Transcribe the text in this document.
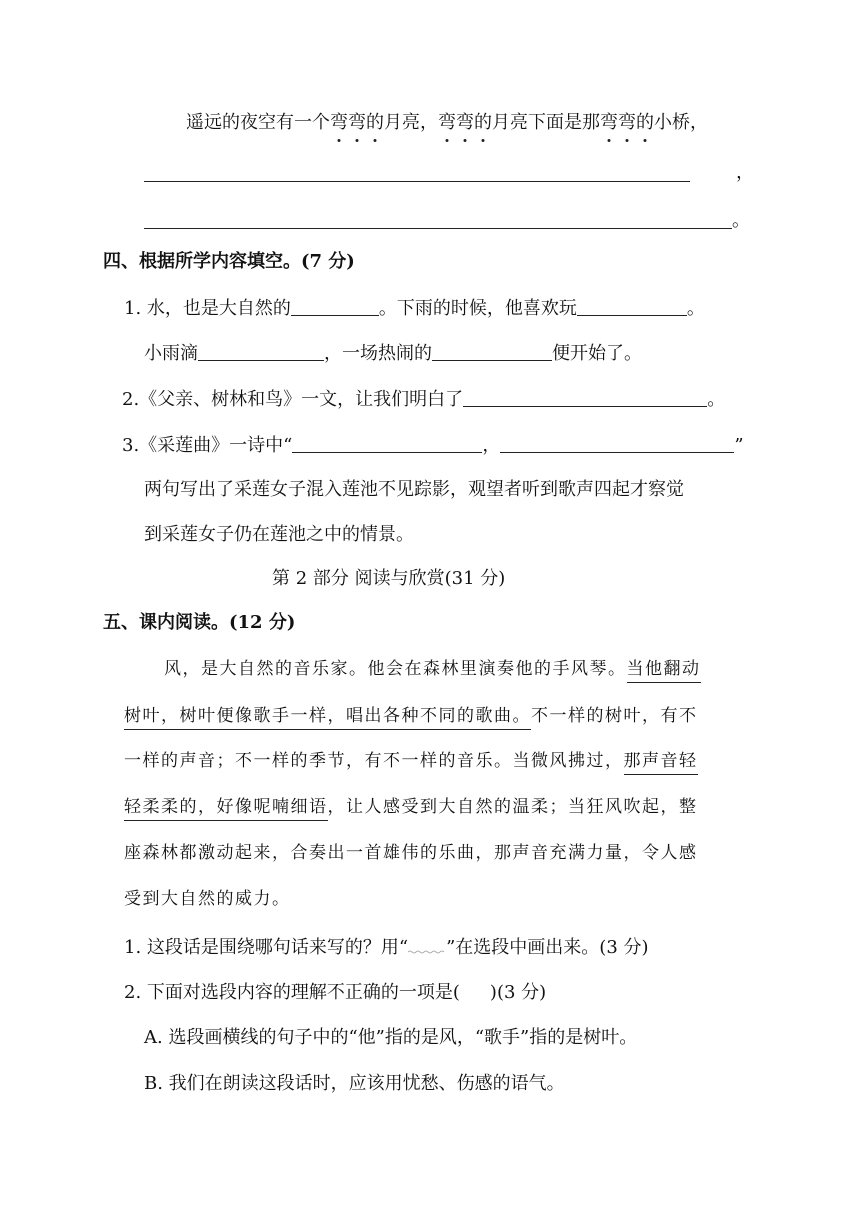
遥远的夜空有一个弯弯的
月亮，弯弯的
月亮下面是那弯弯的
小桥，
，
。
四、根据所学内容填空。(7 分)
1. 水，也是大自然的	。下雨的时候，他喜欢玩	。
小雨滴	，一场热闹的	便开始了。
2.《父亲、树林和鸟》一文，让我们明白了	。
3.《采莲曲》一诗中“	，	”
两句写出了采莲女子混入莲池不见踪影，观望者听到歌声四起才察觉
到采莲女子仍在莲池之中的情景。
第 2 部分 阅读与欣赏(31 分)
五、课内阅读。(12 分)
风，是大自然的音乐家。他会在森林里演奏他的手风琴。当他翻动
树叶，树叶便像歌手一样，唱出各种不同的歌曲。不一样的树叶，有不
一样的声音；不一样的季节，有不一样的音乐。当微风拂过，那声音轻
轻柔柔的，好像呢喃细语，让人感受到大自然的温柔；当狂风吹起，整
座森林都激动起来，合奏出一首雄伟的乐曲，那声音充满力量，令人感
受到大自然的威力。
1. 这段话是围绕哪句话来写的？用“ ”在选段中画出来。(3 分)
2. 下面对选段内容的理解不正确的一项是( )(3 分)
A. 选段画横线的句子中的“他”指的是风，“歌手”指的是树叶。
B. 我们在朗读这段话时，应该用忧愁、伤感的语气。
